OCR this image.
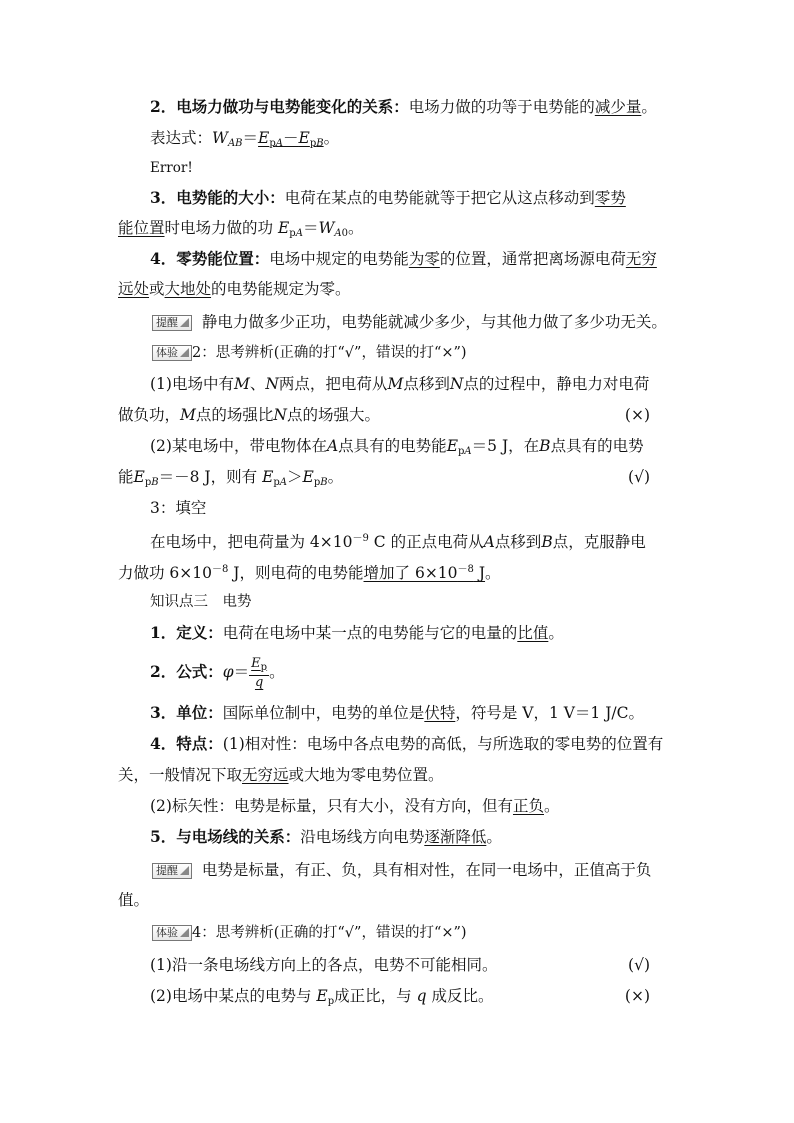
2．电场力做功与电势能变化的关系：电场力做的功等于电势能的减少量。
表达式：$W_{AB}=E_{pA}-E_{pB}$。
Error!
3．电势能的大小：电荷在某点的电势能就等于把它从这点移动到零势
能位置时电场力做的功 $E_{pA}=W_{A0}$。
4．零势能位置：电场中规定的电势能为零的位置，通常把离场源电荷无穷
远处或大地处的电势能规定为零。
提醒 静电力做多少正功，电势能就减少多少，与其他力做了多少功无关。
体验 2：思考辨析(正确的打“√”，错误的打“×”)
(1)电场中有M、N两点，把电荷从M点移到N点的过程中，静电力对电荷
做负功，M点的场强比N点的场强大。	(×)
(2)某电场中，带电物体在A点具有的电势能$E_{pA}=5$ J，在B点具有的电势
能$E_{pB}=-8$ J，则有 $E_{pA}>E_{pB}$。	(√)
3：填空
在电场中，把电荷量为 $4\times 10^{-9}$ C 的正点电荷从A点移到B点，克服静电
力做功 $6\times 10^{-8}$ J，则电荷的电势能增加了 $6\times 10^{-8}$ J。
知识点三　电势
1．定义：电荷在电场中某一点的电势能与它的电量的比值。
2．公式：$\varphi= \frac{E_p}{q}$ 。
3．单位：国际单位制中，电势的单位是伏特，符号是 V，1 V＝1 J/C。
4．特点：(1)相对性：电场中各点电势的高低，与所选取的零电势的位置有
关，一般情况下取无穷远或大地为零电势位置。
(2)标矢性：电势是标量，只有大小，没有方向，但有正负。
5．与电场线的关系：沿电场线方向电势逐渐降低。
提醒 电势是标量，有正、负，具有相对性，在同一电场中，正值高于负
值。
体验 4：思考辨析(正确的打“√”，错误的打“×”)
(1)沿一条电场线方向上的各点，电势不可能相同。	(√)
(2)电场中某点的电势与 $E_p$成正比，与 q 成反比。	(×)
